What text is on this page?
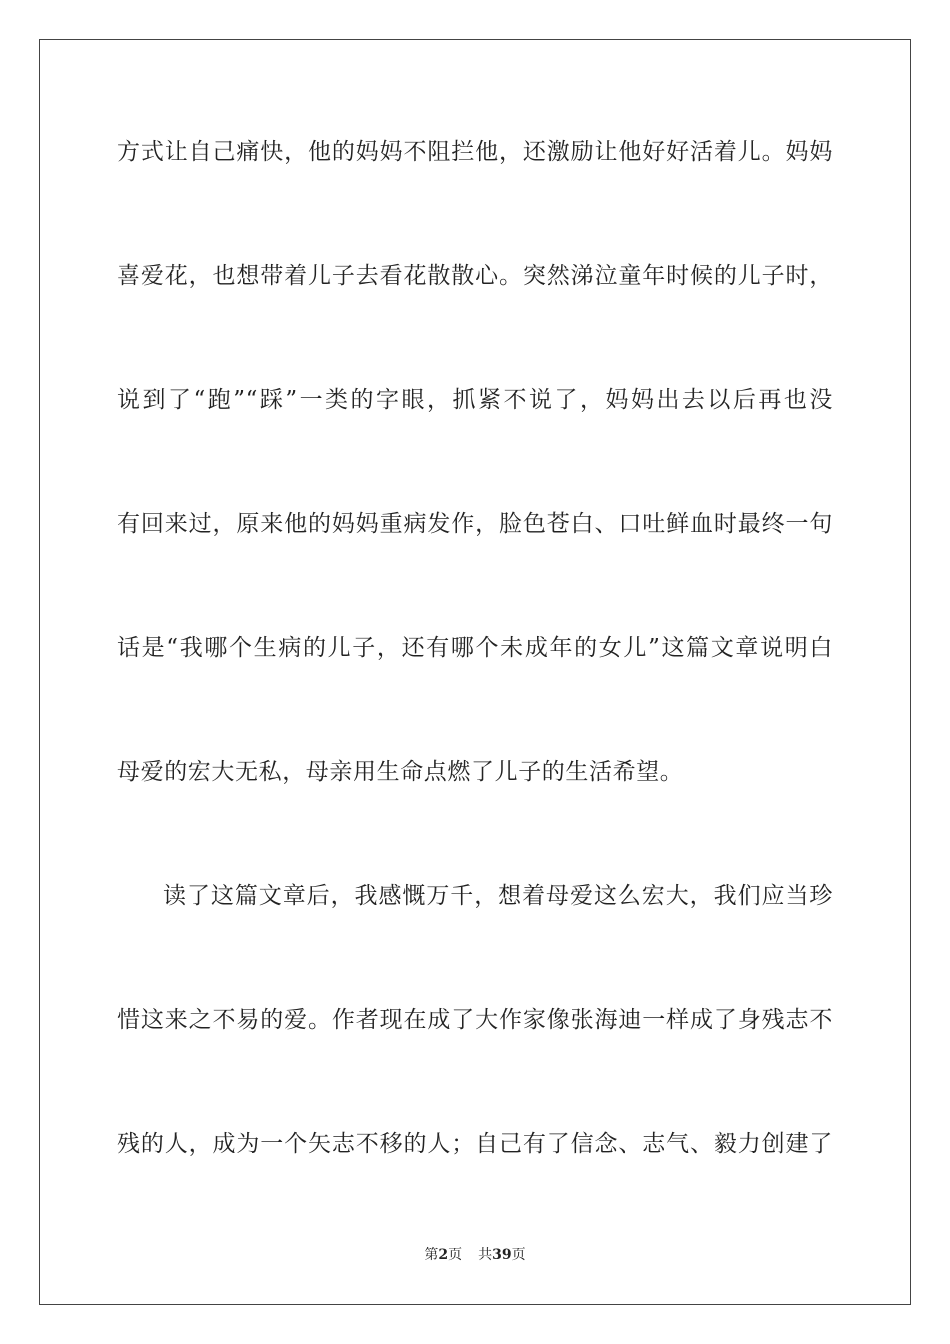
方式让自己痛快，他的妈妈不阻拦他，还激励让他好好活着儿。妈妈
喜爱花，也想带着儿子去看花散散心。突然涕泣童年时候的儿子时，
说到了“跑”“踩”一类的字眼，抓紧不说了，妈妈出去以后再也没
有回来过，原来他的妈妈重病发作，脸色苍白、口吐鲜血时最终一句
话是“我哪个生病的儿子，还有哪个未成年的女儿”这篇文章说明白
母爱的宏大无私，母亲用生命点燃了儿子的生活希望。
读了这篇文章后，我感慨万千，想着母爱这么宏大，我们应当珍
惜这来之不易的爱。作者现在成了大作家像张海迪一样成了身残志不
残的人，成为一个矢志不移的人；自己有了信念、志气、毅力创建了
第2页 共39页
